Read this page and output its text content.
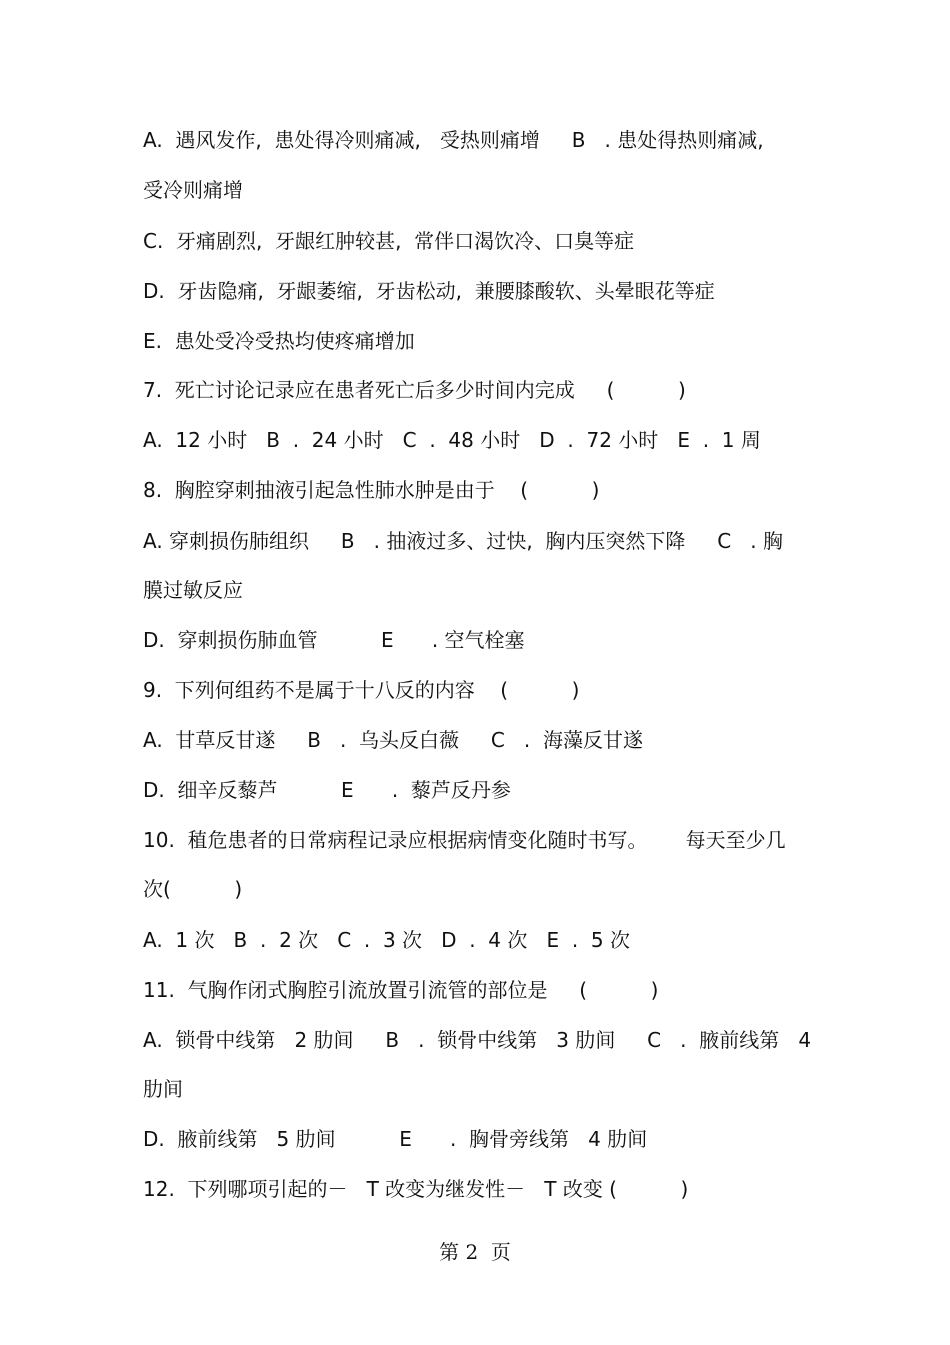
A.  遇风发作,  患处得冷则痛减,   受热则痛增     B   . 患处得热则痛减,
受冷则痛增
C.  牙痛剧烈,  牙龈红肿较甚,  常伴口渴饮冷、口臭等症
D.  牙齿隐痛,  牙龈萎缩,  牙齿松动,  兼腰膝酸软、头晕眼花等症
E.  患处受冷受热均使疼痛增加
7.  死亡讨论记录应在患者死亡后多少时间内完成     (          )
A.  12 小时   B  .  24 小时   C  .  48 小时   D  .  72 小时   E  .  1 周
8.  胸腔穿刺抽液引起急性肺水肿是由于    (          )
A. 穿刺损伤肺组织     B   . 抽液过多、过快,  胸内压突然下降     C   . 胸
膜过敏反应
D.  穿刺损伤肺血管          E      . 空气栓塞
9.  下列何组药不是属于十八反的内容    (          )
A.  甘草反甘遂     B   .  乌头反白薇     C   .  海藻反甘遂
D.  细辛反藜芦          E      .  藜芦反丹参
10.  稙危患者的日常病程记录应根据病情变化随时书写。      每天至少几
次(          )
A.  1 次   B  .  2 次   C  .  3 次   D  .  4 次   E  .  5 次
11.  气胸作闭式胸腔引流放置引流管的部位是     (          )
A.  锁骨中线第   2 肋间     B   .  锁骨中线第   3 肋间     C   .  腋前线第   4
肋间
D.  腋前线第   5 肋间          E      .  胸骨旁线第   4 肋间
12.  下列哪项引起的－   T 改变为继发性－   T 改变 (          )
第 2  页
